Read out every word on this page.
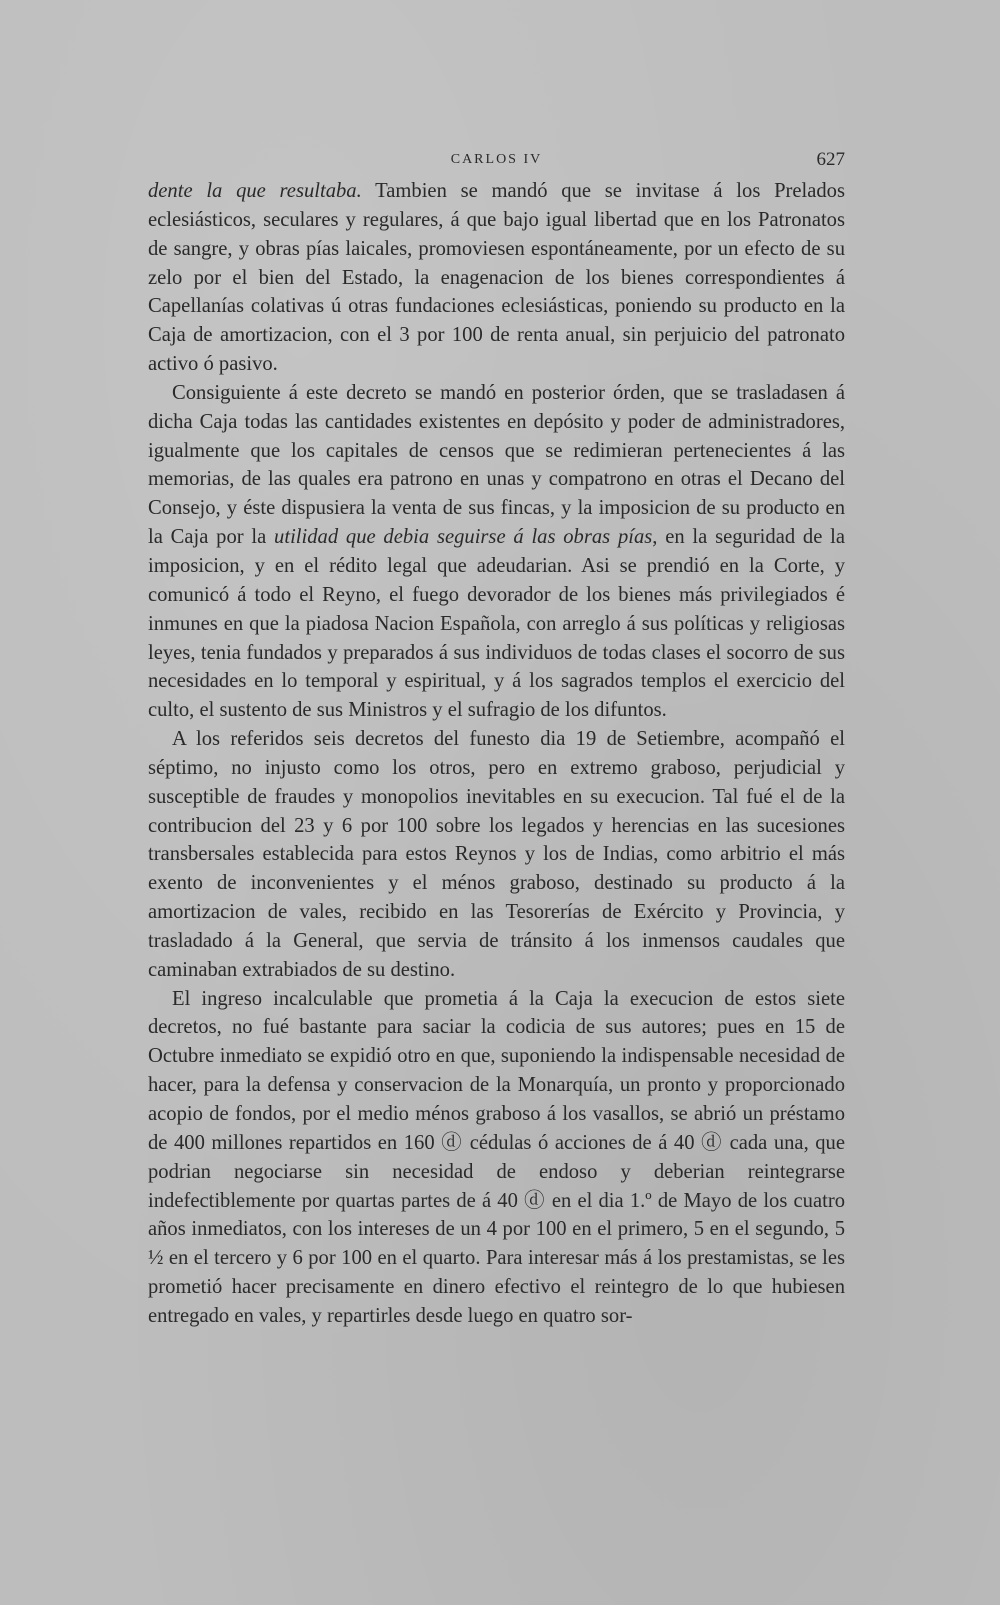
CARLOS IV	627

dente la que resultaba. Tambien se mandó que se invitase á los Prelados eclesiásticos, seculares y regulares, á que bajo igual libertad que en los Patronatos de sangre, y obras pías laicales, promoviesen espontáneamente, por un efecto de su zelo por el bien del Estado, la enagenacion de los bienes correspondientes á Capellanías colativas ú otras fundaciones eclesiásticas, poniendo su producto en la Caja de amortizacion, con el 3 por 100 de renta anual, sin perjuicio del patronato activo ó pasivo.

Consiguiente á este decreto se mandó en posterior órden, que se trasladasen á dicha Caja todas las cantidades existentes en depósito y poder de administradores, igualmente que los capitales de censos que se redimieran pertenecientes á las memorias, de las quales era patrono en unas y compatrono en otras el Decano del Consejo, y éste dispusiera la venta de sus fincas, y la imposicion de su producto en la Caja por la utilidad que debia seguirse á las obras pías, en la seguridad de la imposicion, y en el rédito legal que adeudarian. Asi se prendió en la Corte, y comunicó á todo el Reyno, el fuego devorador de los bienes más privilegiados é inmunes en que la piadosa Nacion Española, con arreglo á sus políticas y religiosas leyes, tenia fundados y preparados á sus individuos de todas clases el socorro de sus necesidades en lo temporal y espiritual, y á los sagrados templos el exercicio del culto, el sustento de sus Ministros y el sufragio de los difuntos.

A los referidos seis decretos del funesto dia 19 de Setiembre, acompañó el séptimo, no injusto como los otros, pero en extremo graboso, perjudicial y susceptible de fraudes y monopolios inevitables en su execucion. Tal fué el de la contribucion del 23 y 6 por 100 sobre los legados y herencias en las sucesiones transbersales establecida para estos Reynos y los de Indias, como arbitrio el más exento de inconvenientes y el ménos graboso, destinado su producto á la amortizacion de vales, recibido en las Tesorerías de Exército y Provincia, y trasladado á la General, que servia de tránsito á los inmensos caudales que caminaban extrabiados de su destino.

El ingreso incalculable que prometia á la Caja la execucion de estos siete decretos, no fué bastante para saciar la codicia de sus autores; pues en 15 de Octubre inmediato se expidió otro en que, suponiendo la indispensable necesidad de hacer, para la defensa y conservacion de la Monarquía, un pronto y proporcionado acopio de fondos, por el medio ménos graboso á los vasallos, se abrió un préstamo de 400 millones repartidos en 160 ⓓ cédulas ó acciones de á 40 ⓓ cada una, que podrian negociarse sin necesidad de endoso y deberian reintegrarse indefectiblemente por quartas partes de á 40 ⓓ en el dia 1.º de Mayo de los cuatro años inmediatos, con los intereses de un 4 por 100 en el primero, 5 en el segundo, 5 ½ en el tercero y 6 por 100 en el quarto. Para interesar más á los prestamistas, se les prometió hacer precisamente en dinero efectivo el reintegro de lo que hubiesen entregado en vales, y repartirles desde luego en quatro sor-
